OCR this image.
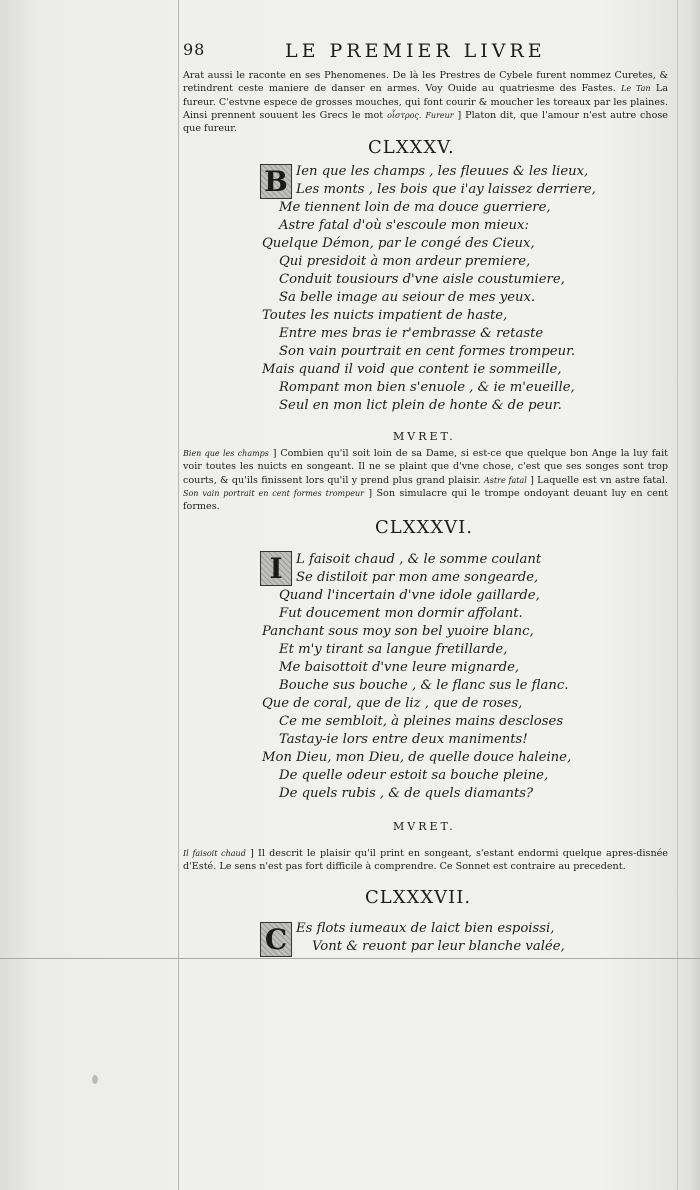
98	LE PREMIER LIVRE

Arat aussi le raconte en ses Phenomenes. De là les Prestres de Cybele furent nommez Curetes, & retindrent ceste maniere de danser en armes. Voy Ouide au quatriesme des Fastes. Le Tan La fureur. C'estvne espece de grosses mouches, qui font courir & moucher les toreaux par les plaines. Ainsi prennent souuent les Grecs le mot οἶστρος. Fureur ] Platon dit, que l'amour n'est autre chose que fureur.

CLXXXV.
B Ien que les champs , les fleuues & les lieux,
Les monts , les bois que i'ay laissez derriere,
Me tiennent loin de ma douce guerriere,
Astre fatal d'où s'escoule mon mieux:
Quelque Démon, par le congé des Cieux,
Qui presidoit à mon ardeur premiere,
Conduit tousiours d'vne aisle coustumiere,
Sa belle image au seiour de mes yeux.
Toutes les nuicts impatient de haste,
Entre mes bras ie r'embrasse & retaste
Son vain pourtrait en cent formes trompeur.
Mais quand il void que content ie sommeille,
Rompant mon bien s'enuole , & ie m'eueille,
Seul en mon lict plein de honte & de peur.
MVRET.

Bien que les champs ] Combien qu'il soit loin de sa Dame, si est-ce que quelque bon Ange la luy fait voir toutes les nuicts en songeant. Il ne se plaint que d'vne chose, c'est que ses songes sont trop courts, & qu'ils finissent lors qu'il y prend plus grand plaisir. Astre fatal ] Laquelle est vn astre fatal. Son vain portrait en cent formes trompeur ] Son simulacre qui le trompe ondoyant deuant luy en cent formes.

CLXXXVI.
I	L faisoit chaud , & le somme coulant
Se distiloit par mon ame songearde,
Quand l'incertain d'vne idole gaillarde,
Fut doucement mon dormir affolant.
Panchant sous moy son bel yuoire blanc,
Et m'y tirant sa langue fretillarde,
Me baisottoit d'vne leure mignarde,
Bouche sus bouche , & le flanc sus le flanc.
Que de coral, que de liz , que de roses,
Ce me sembloit, à pleines mains descloses
Tastay-ie lors entre deux maniments!
Mon Dieu, mon Dieu, de quelle douce haleine,
De quelle odeur estoit sa bouche pleine,
De quels rubis , & de quels diamants?
MVRET.

Il faisoit chaud ] Il descrit le plaisir qu'il print en songeant, s'estant endormi quelque apres-disnée d'Esté. Le sens n'est pas fort difficile à comprendre. Ce Sonnet est contraire au precedent.

CLXXXVII.
C Es flots iumeaux de laict bien espoissi,
Vont & reuont par leur blanche valée,
